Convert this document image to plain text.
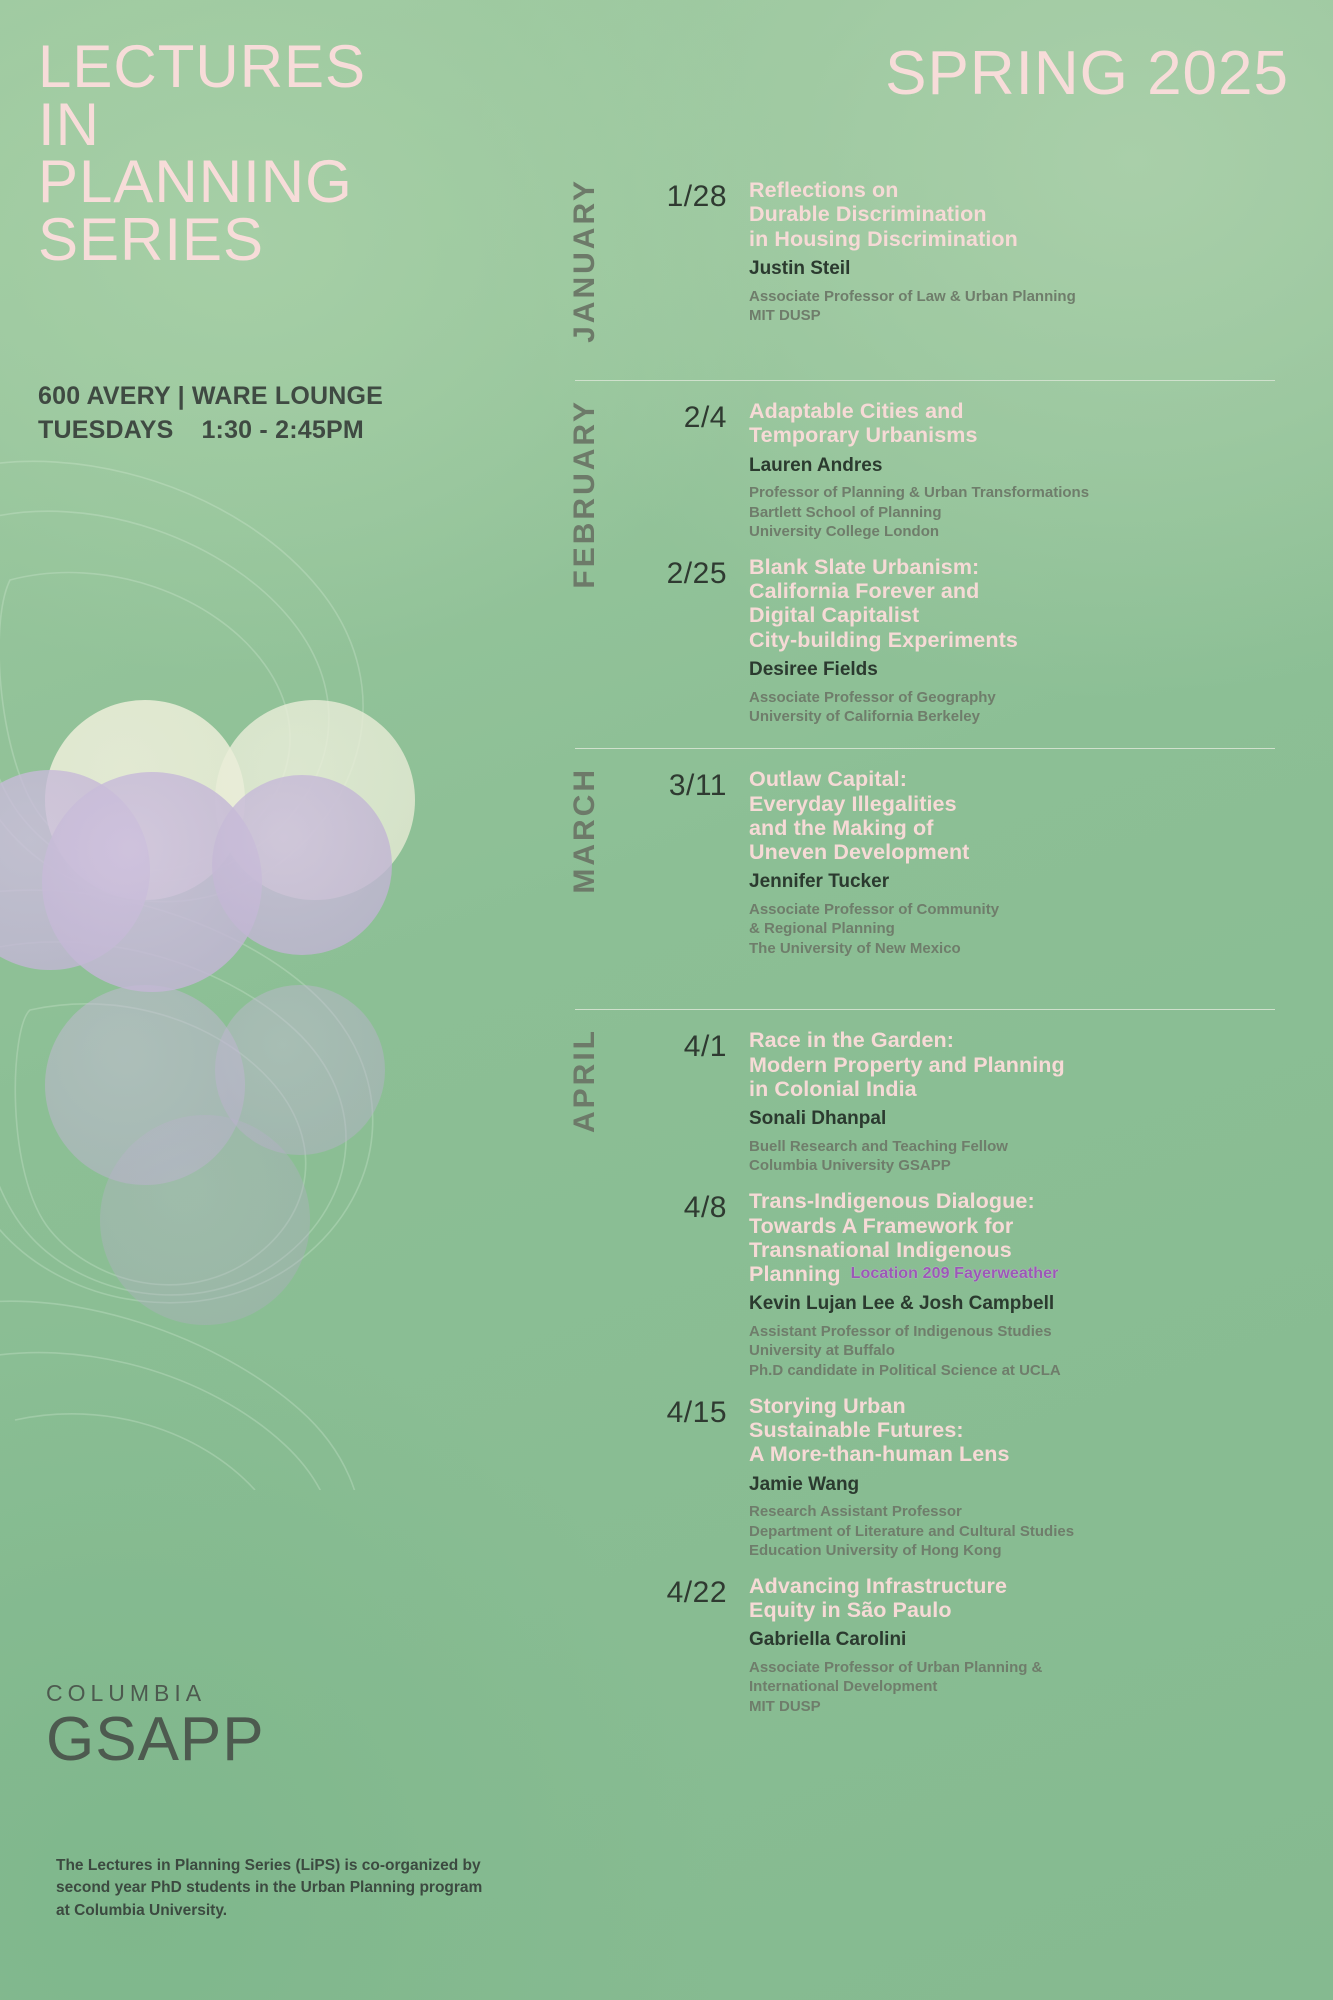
LECTURES
IN
PLANNING
SERIES
SPRING 2025
600 AVERY | WARE LOUNGE
TUESDAYS 1:30 - 2:45PM
JANUARY	1/28	Reflections on
Durable Discrimination
in Housing Discrimination
Justin Steil
Associate Professor of Law & Urban Planning
MIT DUSP
FEBRUARY	2/4	Adaptable Cities and
Temporary Urbanisms
Lauren Andres
Professor of Planning & Urban Transformations
Bartlett School of Planning
University College London
2/25	Blank Slate Urbanism:
California Forever and
Digital Capitalist
City-building Experiments
Desiree Fields
Associate Professor of Geography
University of California Berkeley
MARCH	3/11	Outlaw Capital:
Everyday Illegalities
and the Making of
Uneven Development
Jennifer Tucker
Associate Professor of Community
& Regional Planning
The University of New Mexico
APRIL	4/1	Race in the Garden:
Modern Property and Planning
in Colonial India
Sonali Dhanpal
Buell Research and Teaching Fellow
Columbia University GSAPP
4/8	Trans-Indigenous Dialogue:
Towards A Framework for
Transnational Indigenous
Planning Location 209 Fayerweather
Kevin Lujan Lee & Josh Campbell
Assistant Professor of Indigenous Studies
University at Buffalo
Ph.D candidate in Political Science at UCLA
4/15	Storying Urban
Sustainable Futures:
A More-than-human Lens
Jamie Wang
Research Assistant Professor
Department of Literature and Cultural Studies
Education University of Hong Kong
4/22	Advancing Infrastructure
Equity in São Paulo
Gabriella Carolini
Associate Professor of Urban Planning &
International Development
MIT DUSP
COLUMBIA
GSAPP
The Lectures in Planning Series (LiPS) is co-organized by second year PhD students in the Urban Planning program at Columbia University.
